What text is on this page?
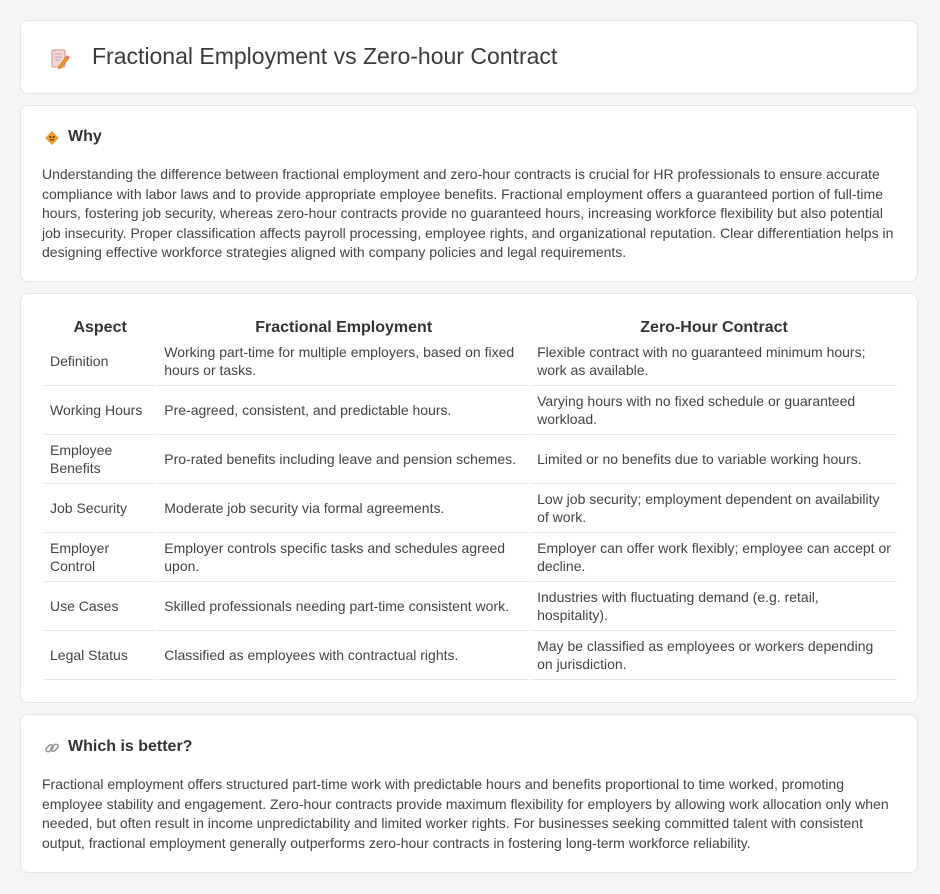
Fractional Employment vs Zero-hour Contract
Why

Understanding the difference between fractional employment and zero-hour contracts is crucial for HR professionals to ensure accurate compliance with labor laws and to provide appropriate employee benefits. Fractional employment offers a guaranteed portion of full-time hours, fostering job security, whereas zero-hour contracts provide no guaranteed hours, increasing workforce flexibility but also potential job insecurity. Proper classification affects payroll processing, employee rights, and organizational reputation. Clear differentiation helps in designing effective workforce strategies aligned with company policies and legal requirements.

Aspect	Fractional Employment	Zero-Hour Contract
Definition	Working part-time for multiple employers, based on fixed hours or tasks.	Flexible contract with no guaranteed minimum hours; work as available.
Working Hours	Pre-agreed, consistent, and predictable hours.	Varying hours with no fixed schedule or guaranteed workload.
Employee Benefits	Pro-rated benefits including leave and pension schemes.	Limited or no benefits due to variable working hours.
Job Security	Moderate job security via formal agreements.	Low job security; employment dependent on availability of work.
Employer Control	Employer controls specific tasks and schedules agreed upon.	Employer can offer work flexibly; employee can accept or decline.
Use Cases	Skilled professionals needing part-time consistent work.	Industries with fluctuating demand (e.g. retail, hospitality).
Legal Status	Classified as employees with contractual rights.	May be classified as employees or workers depending on jurisdiction.
Which is better?

Fractional employment offers structured part-time work with predictable hours and benefits proportional to time worked, promoting employee stability and engagement. Zero-hour contracts provide maximum flexibility for employers by allowing work allocation only when needed, but often result in income unpredictability and limited worker rights. For businesses seeking committed talent with consistent output, fractional employment generally outperforms zero-hour contracts in fostering long-term workforce reliability.
